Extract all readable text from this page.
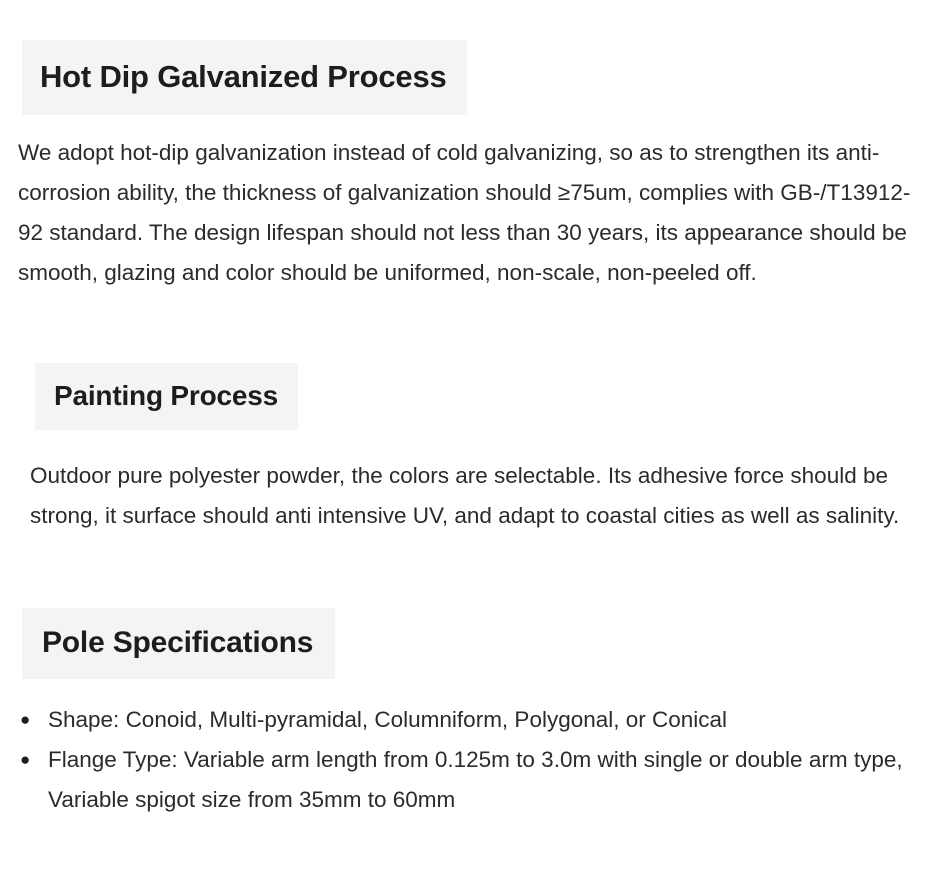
Hot Dip Galvanized Process
We adopt hot-dip galvanization instead of cold galvanizing, so as to strengthen its anti-corrosion ability, the thickness of galvanization should ≥75um, complies with GB-/T13912-92 standard. The design lifespan should not less than 30 years, its appearance should be smooth, glazing and color should be uniformed, non-scale, non-peeled off.
Painting Process
Outdoor pure polyester powder, the colors are selectable. Its adhesive force should be strong, it surface should anti intensive UV, and adapt to coastal cities as well as salinity.
Pole Specifications
● Shape: Conoid, Multi-pyramidal, Columniform, Polygonal, or Conical
● Flange Type: Variable arm length from 0.125m to 3.0m with single or double arm type, Variable spigot size from 35mm to 60mm
